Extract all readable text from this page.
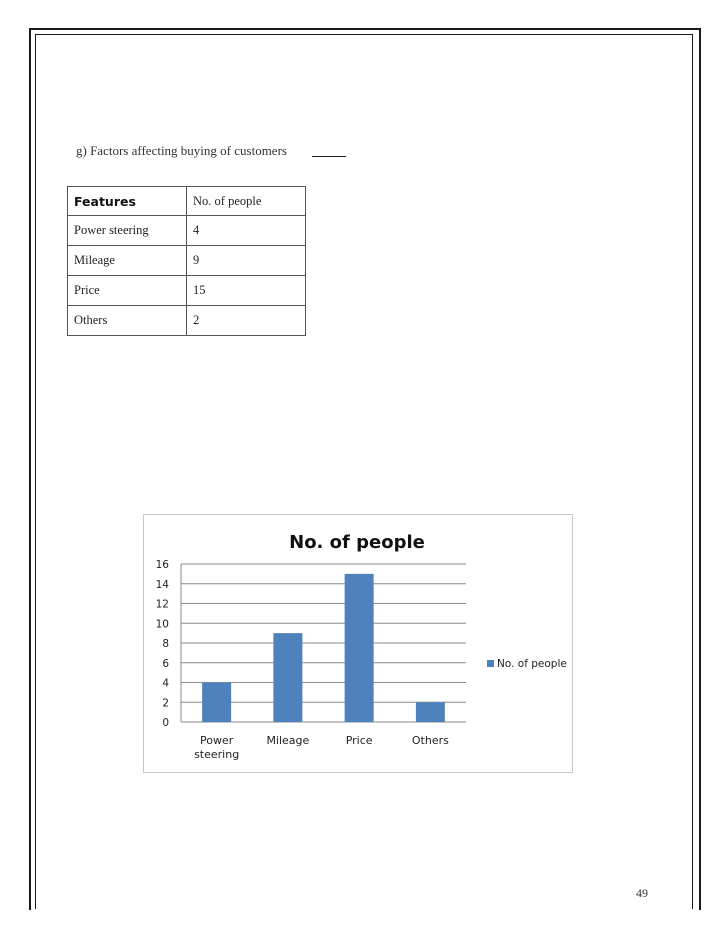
g) Factors affecting buying of customers
Features	No. of people
Power steering	4
Mileage	9
Price	15
Others	2
No. of people
0
2
4
6
8
10
12
14
16
Power
steering
Mileage	Price	Others
No. of people
49
